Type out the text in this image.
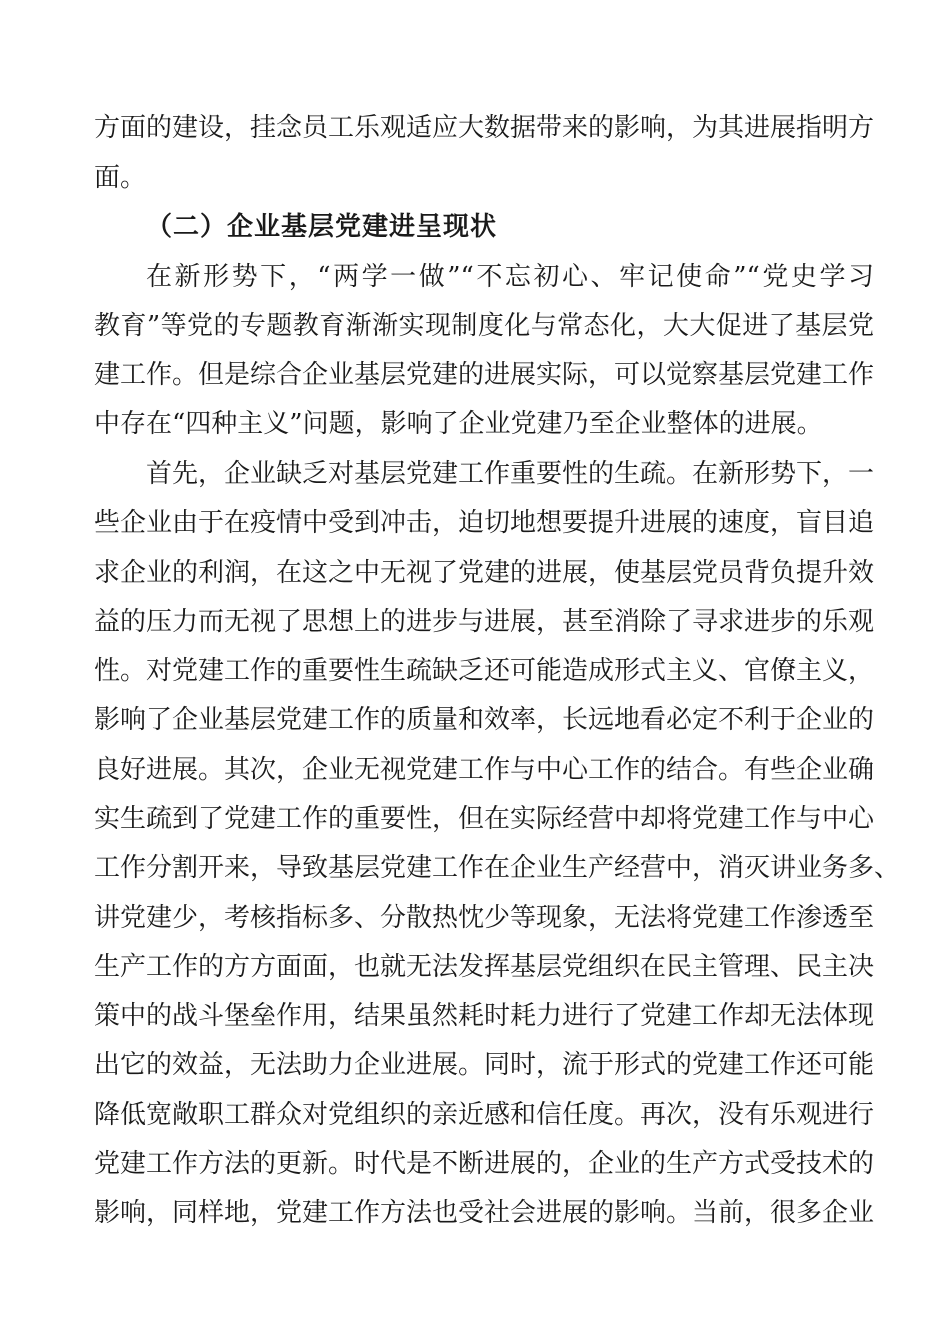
方面的建设，挂念员工乐观适应大数据带来的影响，为其进展指明方
面。
（二）企业基层党建进呈现状
在新形势下，“两学一做”“不忘初心、牢记使命”“党史学习
教育”等党的专题教育渐渐实现制度化与常态化，大大促进了基层党
建工作。但是综合企业基层党建的进展实际，可以觉察基层党建工作
中存在“四种主义”问题，影响了企业党建乃至企业整体的进展。
首先，企业缺乏对基层党建工作重要性的生疏。在新形势下，一
些企业由于在疫情中受到冲击，迫切地想要提升进展的速度，盲目追
求企业的利润，在这之中无视了党建的进展，使基层党员背负提升效
益的压力而无视了思想上的进步与进展，甚至消除了寻求进步的乐观
性。对党建工作的重要性生疏缺乏还可能造成形式主义、官僚主义，
影响了企业基层党建工作的质量和效率，长远地看必定不利于企业的
良好进展。其次，企业无视党建工作与中心工作的结合。有些企业确
实生疏到了党建工作的重要性，但在实际经营中却将党建工作与中心
工作分割开来，导致基层党建工作在企业生产经营中，消灭讲业务多、
讲党建少，考核指标多、分散热忱少等现象，无法将党建工作渗透至
生产工作的方方面面，也就无法发挥基层党组织在民主管理、民主决
策中的战斗堡垒作用，结果虽然耗时耗力进行了党建工作却无法体现
出它的效益，无法助力企业进展。同时，流于形式的党建工作还可能
降低宽敞职工群众对党组织的亲近感和信任度。再次，没有乐观进行
党建工作方法的更新。时代是不断进展的，企业的生产方式受技术的
影响，同样地，党建工作方法也受社会进展的影响。当前，很多企业
